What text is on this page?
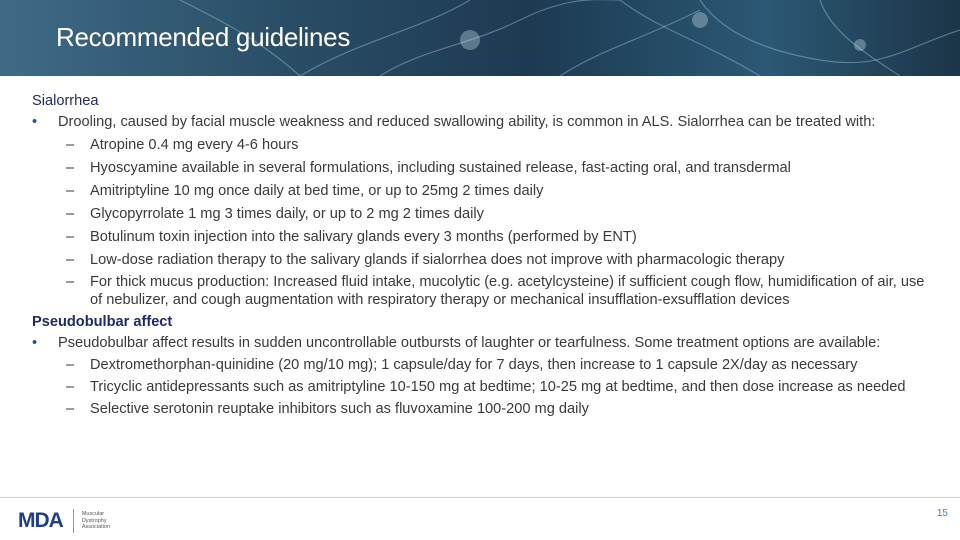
Recommended guidelines
Sialorrhea
• Drooling, caused by facial muscle weakness and reduced swallowing ability, is common in ALS. Sialorrhea can be treated with:
– Atropine 0.4 mg every 4-6 hours
– Hyoscyamine available in several formulations, including sustained release, fast-acting oral, and transdermal
– Amitriptyline 10 mg once daily at bed time, or up to 25mg 2 times daily
– Glycopyrrolate 1 mg 3 times daily, or up to 2 mg 2 times daily
– Botulinum toxin injection into the salivary glands every 3 months (performed by ENT)
– Low-dose radiation therapy to the salivary glands if sialorrhea does not improve with pharmacologic therapy
– For thick mucus production: Increased fluid intake, mucolytic (e.g. acetylcysteine) if sufficient cough flow, humidification of air, use of nebulizer, and cough augmentation with respiratory therapy or mechanical insufflation-exsufflation devices
Pseudobulbar affect
• Pseudobulbar affect results in sudden uncontrollable outbursts of laughter or tearfulness. Some treatment options are available:
– Dextromethorphan-quinidine (20 mg/10 mg); 1 capsule/day for 7 days, then increase to 1 capsule 2X/day as necessary
– Tricyclic antidepressants such as amitriptyline 10-150 mg at bedtime; 10-25 mg at bedtime, and then dose increase as needed
– Selective serotonin reuptake inhibitors such as fluvoxamine 100-200 mg daily
MDA	Muscular
Dystrophy
Association
15
